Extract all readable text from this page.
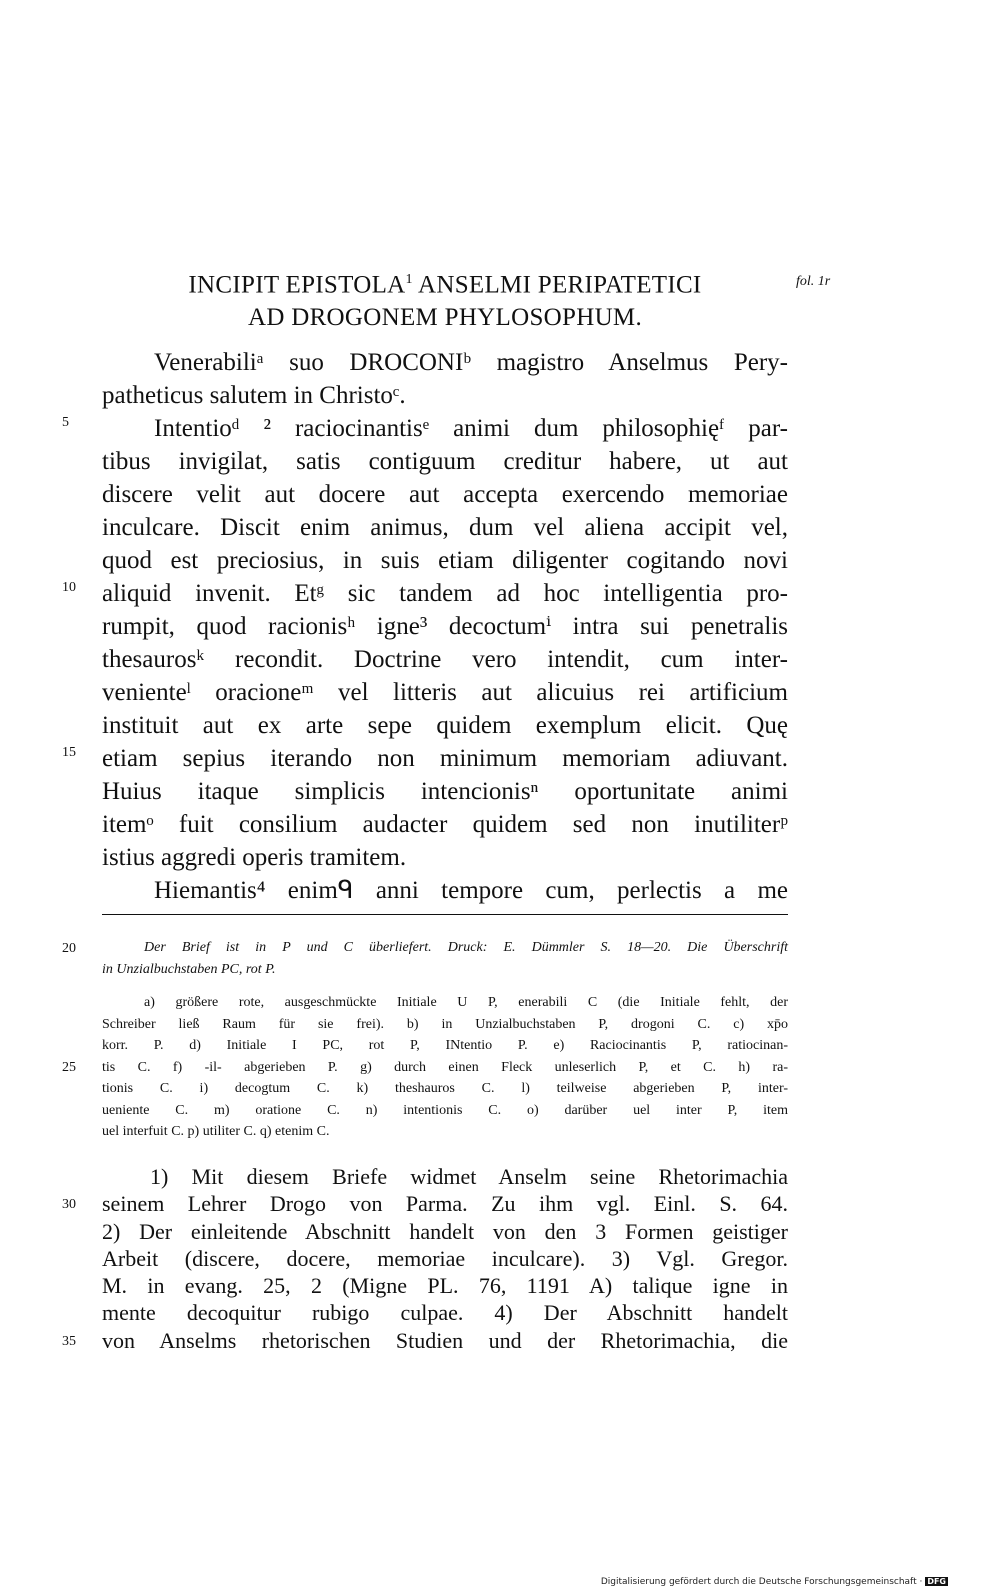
fol. 1r
INCIPIT EPISTOLA$^1$ ANSELMI PERIPATETICI
AD DROGONEM PHYLOSOPHUM.
5
10
15
20
25
30
35
Venerabiliᵃ suo DROCONIᵇ magistro Anselmus Pery-
patheticus salutem in Christoᶜ.
Intentioᵈ ² raciocinantisᵉ animi dum philosophięᶠ par-
tibus invigilat, satis contiguum creditur habere, ut aut
discere velit aut docere aut accepta exercendo memoriae
inculcare. Discit enim animus, dum vel aliena accipit vel,
quod est preciosius, in suis etiam diligenter cogitando novi
aliquid invenit. Etᵍ sic tandem ad hoc intelligentia pro-
rumpit, quod racionisʰ igne³ decoctumⁱ intra sui penetralis
thesaurosᵏ recondit. Doctrine vero intendit, cum inter-
venienteˡ oracioneᵐ vel litteris aut alicuius rei artificium
instituit aut ex arte sepe quidem exemplum elicit. Quę
etiam sepius iterando non minimum memoriam adiuvant.
Huius itaque simplicis intencionisⁿ oportunitate animi
itemᵒ fuit consilium audacter quidem sed non inutiliterᵖ
istius aggredi operis tramitem.
Hiemantis⁴ enimᑫ anni tempore cum, perlectis a me
Der Brief ist in P und C überliefert. Druck: E. Dümmler S. 18—20. Die Überschrift
in Unzialbuchstaben PC, rot P.
a) größere rote, ausgeschmückte Initiale U P, enerabili C (die Initiale fehlt, der
Schreiber ließ Raum für sie frei). b) in Unzialbuchstaben P, drogoni C. c) xp̄o
korr. P. d) Initiale I PC, rot P, INtentio P. e) Raciocinantis P, ratiocinan-
tis C. f) -il- abgerieben P. g) durch einen Fleck unleserlich P, et C. h) ra-
tionis C. i) decogtum C. k) theshauros C. l) teilweise abgerieben P, inter-
ueniente C. m) oratione C. n) intentionis C. o) darüber uel inter P, item
uel interfuit C. p) utiliter C. q) etenim C.
1) Mit diesem Briefe widmet Anselm seine Rhetorimachia
seinem Lehrer Drogo von Parma. Zu ihm vgl. Einl. S. 64.
2) Der einleitende Abschnitt handelt von den 3 Formen geistiger
Arbeit (discere, docere, memoriae inculcare). 3) Vgl. Gregor.
M. in evang. 25, 2 (Migne PL. 76, 1191 A) talique igne in
mente decoquitur rubigo culpae. 4) Der Abschnitt handelt
von Anselms rhetorischen Studien und der Rhetorimachia, die
Digitalisierung gefördert durch die Deutsche Forschungsgemeinschaft · DFG
